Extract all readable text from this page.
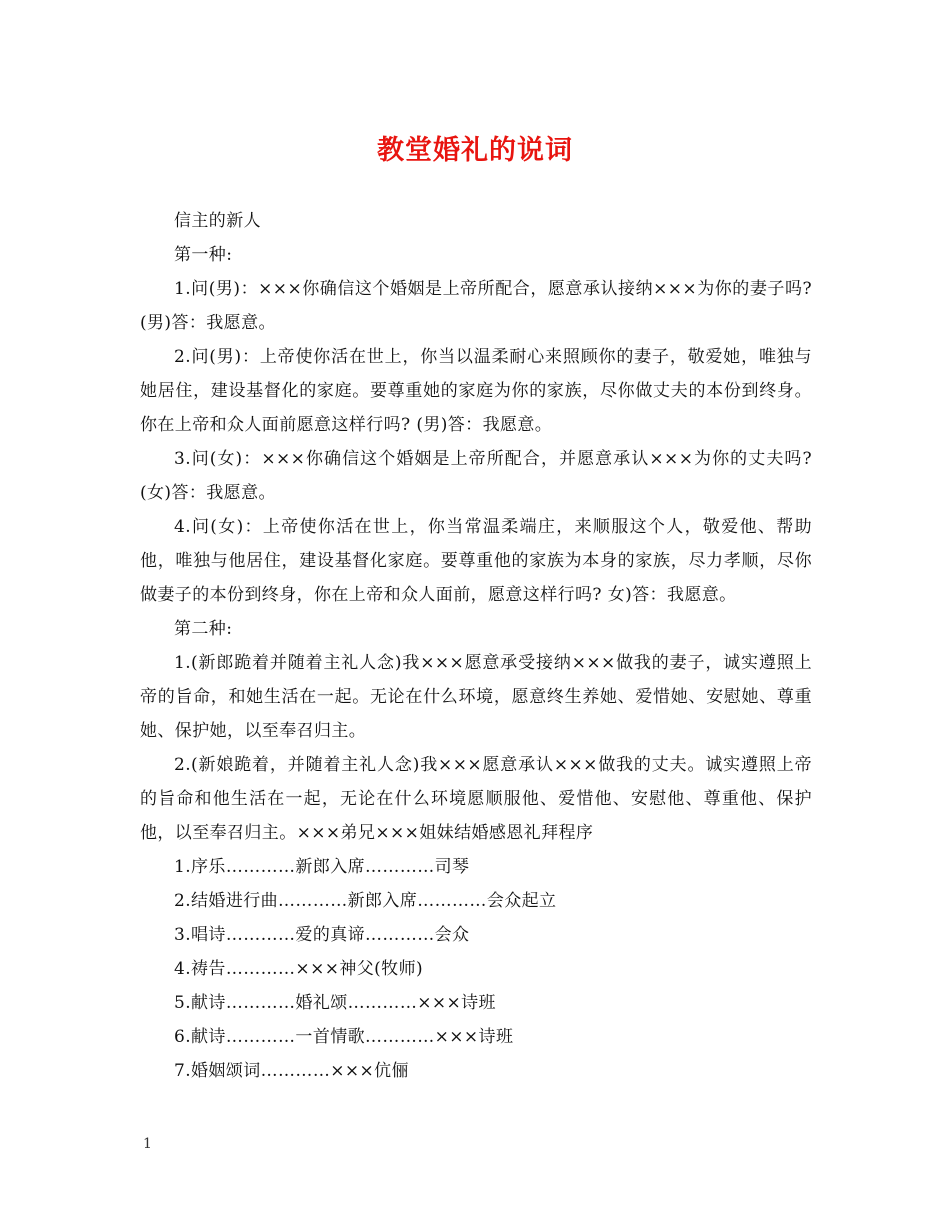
教堂婚礼的说词

信主的新人

第一种:

1.问(男)：×××你确信这个婚姻是上帝所配合，愿意承认接纳×××为你的妻子吗? (男)答：我愿意。

2.问(男)：上帝使你活在世上，你当以温柔耐心来照顾你的妻子，敬爱她，唯独与她居住，建设基督化的家庭。要尊重她的家庭为你的家族，尽你做丈夫的本份到终身。你在上帝和众人面前愿意这样行吗? (男)答：我愿意。

3.问(女)：×××你确信这个婚姻是上帝所配合，并愿意承认×××为你的丈夫吗? (女)答：我愿意。

4.问(女)：上帝使你活在世上，你当常温柔端庄，来顺服这个人，敬爱他、帮助他，唯独与他居住，建设基督化家庭。要尊重他的家族为本身的家族，尽力孝顺，尽你做妻子的本份到终身，你在上帝和众人面前，愿意这样行吗? 女)答：我愿意。

第二种:

1.(新郎跪着并随着主礼人念)我×××愿意承受接纳×××做我的妻子，诚实遵照上帝的旨命，和她生活在一起。无论在什么环境，愿意终生养她、爱惜她、安慰她、尊重她、保护她，以至奉召归主。

2.(新娘跪着，并随着主礼人念)我×××愿意承认×××做我的丈夫。诚实遵照上帝的旨命和他生活在一起，无论在什么环境愿顺服他、爱惜他、安慰他、尊重他、保护他，以至奉召归主。×××弟兄×××姐妹结婚感恩礼拜程序

1.序乐…………新郎入席…………司琴

2.结婚进行曲…………新郎入席…………会众起立

3.唱诗…………爱的真谛…………会众

4.祷告…………×××神父(牧师)

5.献诗…………婚礼颂…………×××诗班

6.献诗…………一首情歌…………×××诗班

7.婚姻颂词…………×××伉俪

1
